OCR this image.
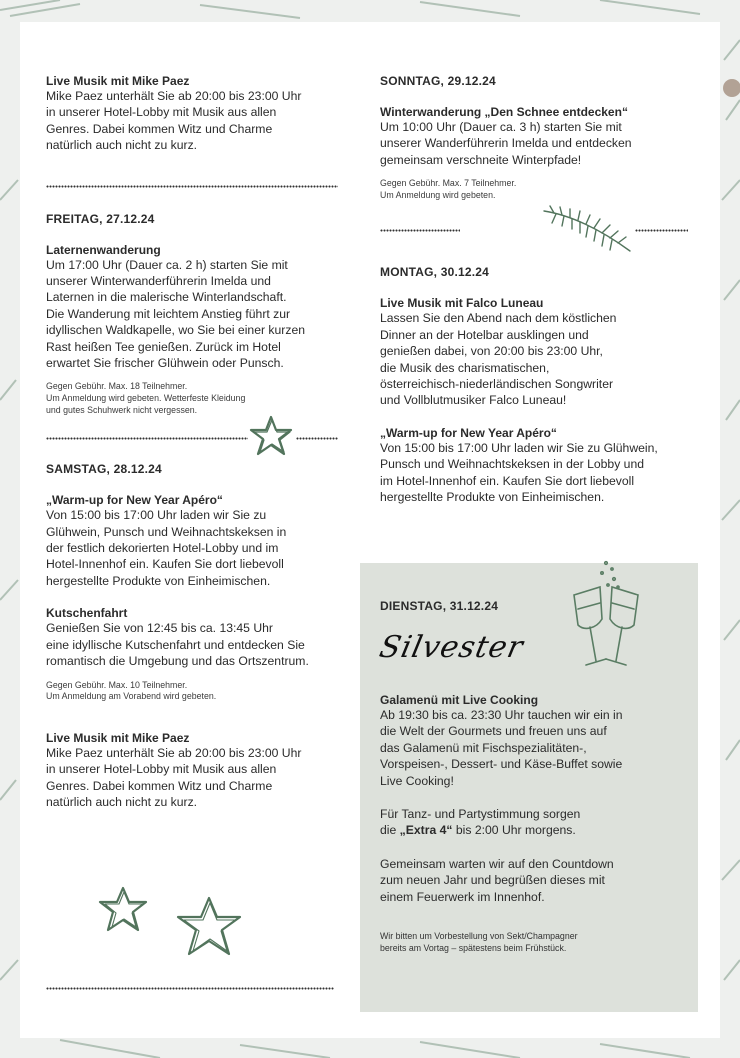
Live Musik mit Mike Paez

Mike Paez unterhält Sie ab 20:00 bis 23:00 Uhr
in unserer Hotel-Lobby mit Musik aus allen
Genres. Dabei kommen Witz und Charme
natürlich auch nicht zu kurz.

FREITAG, 27.12.24

Laternenwanderung

Um 17:00 Uhr (Dauer ca. 2 h) starten Sie mit
unserer Winterwanderführerin Imelda und
Laternen in die malerische Winterlandschaft.
Die Wanderung mit leichtem Anstieg führt zur
idyllischen Waldkapelle, wo Sie bei einer kurzen
Rast heißen Tee genießen. Zurück im Hotel
erwartet Sie frischer Glühwein oder Punsch.

Gegen Gebühr. Max. 18 Teilnehmer.
Um Anmeldung wird gebeten. Wetterfeste Kleidung
und gutes Schuhwerk nicht vergessen.

SAMSTAG, 28.12.24

„Warm-up for New Year Apéro“

Von 15:00 bis 17:00 Uhr laden wir Sie zu
Glühwein, Punsch und Weihnachtskeksen in
der festlich dekorierten Hotel-Lobby und im
Hotel-Innenhof ein. Kaufen Sie dort liebevoll
hergestellte Produkte von Einheimischen.

Kutschenfahrt

Genießen Sie von 12:45 bis ca. 13:45 Uhr
eine idyllische Kutschenfahrt und entdecken Sie
romantisch die Umgebung und das Ortszentrum.

Gegen Gebühr. Max. 10 Teilnehmer.
Um Anmeldung am Vorabend wird gebeten.

Live Musik mit Mike Paez

Mike Paez unterhält Sie ab 20:00 bis 23:00 Uhr
in unserer Hotel-Lobby mit Musik aus allen
Genres. Dabei kommen Witz und Charme
natürlich auch nicht zu kurz.

SONNTAG, 29.12.24

Winterwanderung „Den Schnee entdecken“

Um 10:00 Uhr (Dauer ca. 3 h) starten Sie mit
unserer Wanderführerin Imelda und entdecken
gemeinsam verschneite Winterpfade!

Gegen Gebühr. Max. 7 Teilnehmer.
Um Anmeldung wird gebeten.

MONTAG, 30.12.24

Live Musik mit Falco Luneau

Lassen Sie den Abend nach dem köstlichen
Dinner an der Hotelbar ausklingen und
genießen dabei, von 20:00 bis 23:00 Uhr,
die Musik des charismatischen,
österreichisch-niederländischen Songwriter
und Vollblutmusiker Falco Luneau!

„Warm-up for New Year Apéro“

Von 15:00 bis 17:00 Uhr laden wir Sie zu Glühwein,
Punsch und Weihnachtskeksen in der Lobby und
im Hotel-Innenhof ein. Kaufen Sie dort liebevoll
hergestellte Produkte von Einheimischen.

DIENSTAG, 31.12.24

Silvester

Galamenü mit Live Cooking

Ab 19:30 bis ca. 23:30 Uhr tauchen wir ein in
die Welt der Gourmets und freuen uns auf
das Galamenü mit Fischspezialitäten-,
Vorspeisen-, Dessert- und Käse-Buffet sowie
Live Cooking!

Für Tanz- und Partystimmung sorgen
die „Extra 4“ bis 2:00 Uhr morgens.

Gemeinsam warten wir auf den Countdown
zum neuen Jahr und begrüßen dieses mit
einem Feuerwerk im Innenhof.

Wir bitten um Vorbestellung von Sekt/Champagner
bereits am Vortag – spätestens beim Frühstück.
